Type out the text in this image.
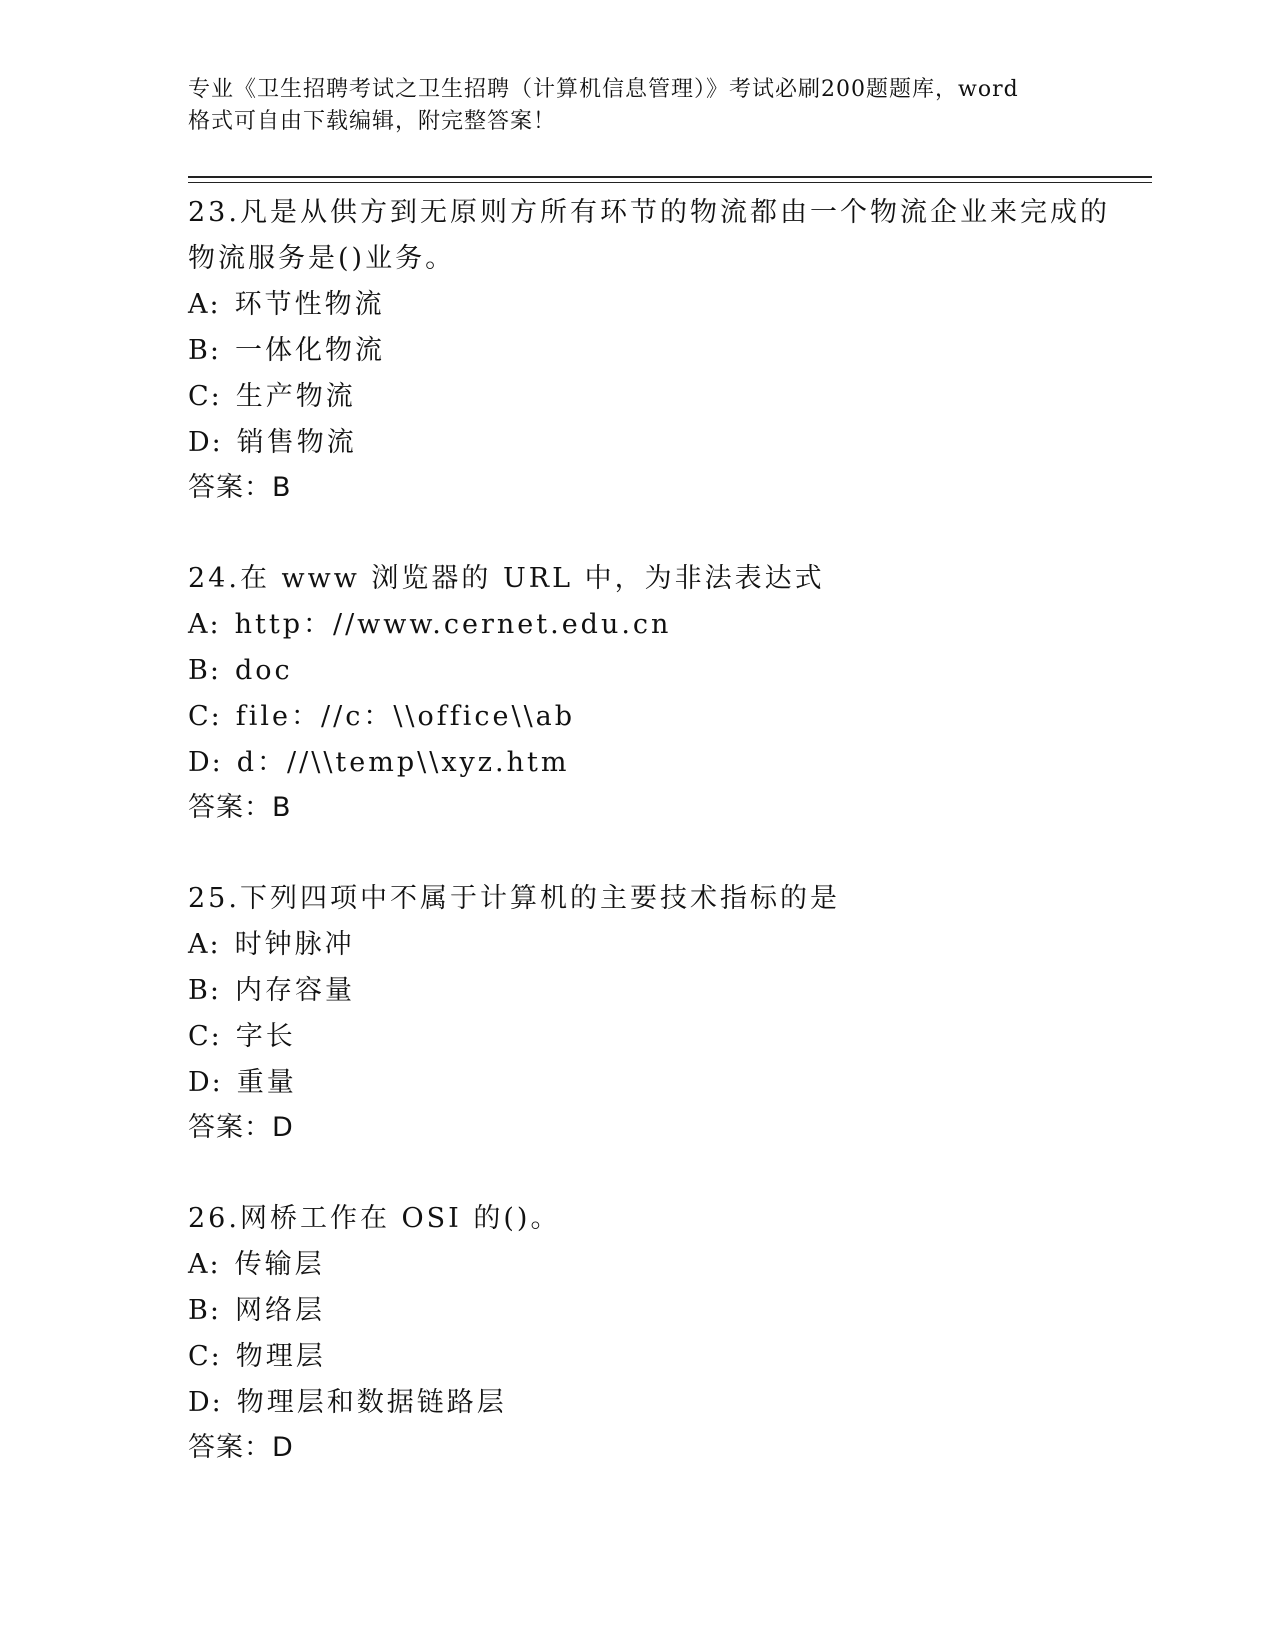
专业《卫生招聘考试之卫生招聘（计算机信息管理）》考试必刷200题题库，word
格式可自由下载编辑，附完整答案！
23.凡是从供方到无原则方所有环节的物流都由一个物流企业来完成的
物流服务是()业务。
A: 环节性物流
B: 一体化物流
C: 生产物流
D: 销售物流
答案：B
24.在 www 浏览器的 URL 中，为非法表达式
A: http：//www.cernet.edu.cn
B: doc
C: file：//c：\\office\\ab
D: d：//\\temp\\xyz.htm
答案：B
25.下列四项中不属于计算机的主要技术指标的是
A: 时钟脉冲
B: 内存容量
C: 字长
D: 重量
答案：D
26.网桥工作在 OSI 的()。
A: 传输层
B: 网络层
C: 物理层
D: 物理层和数据链路层
答案：D
